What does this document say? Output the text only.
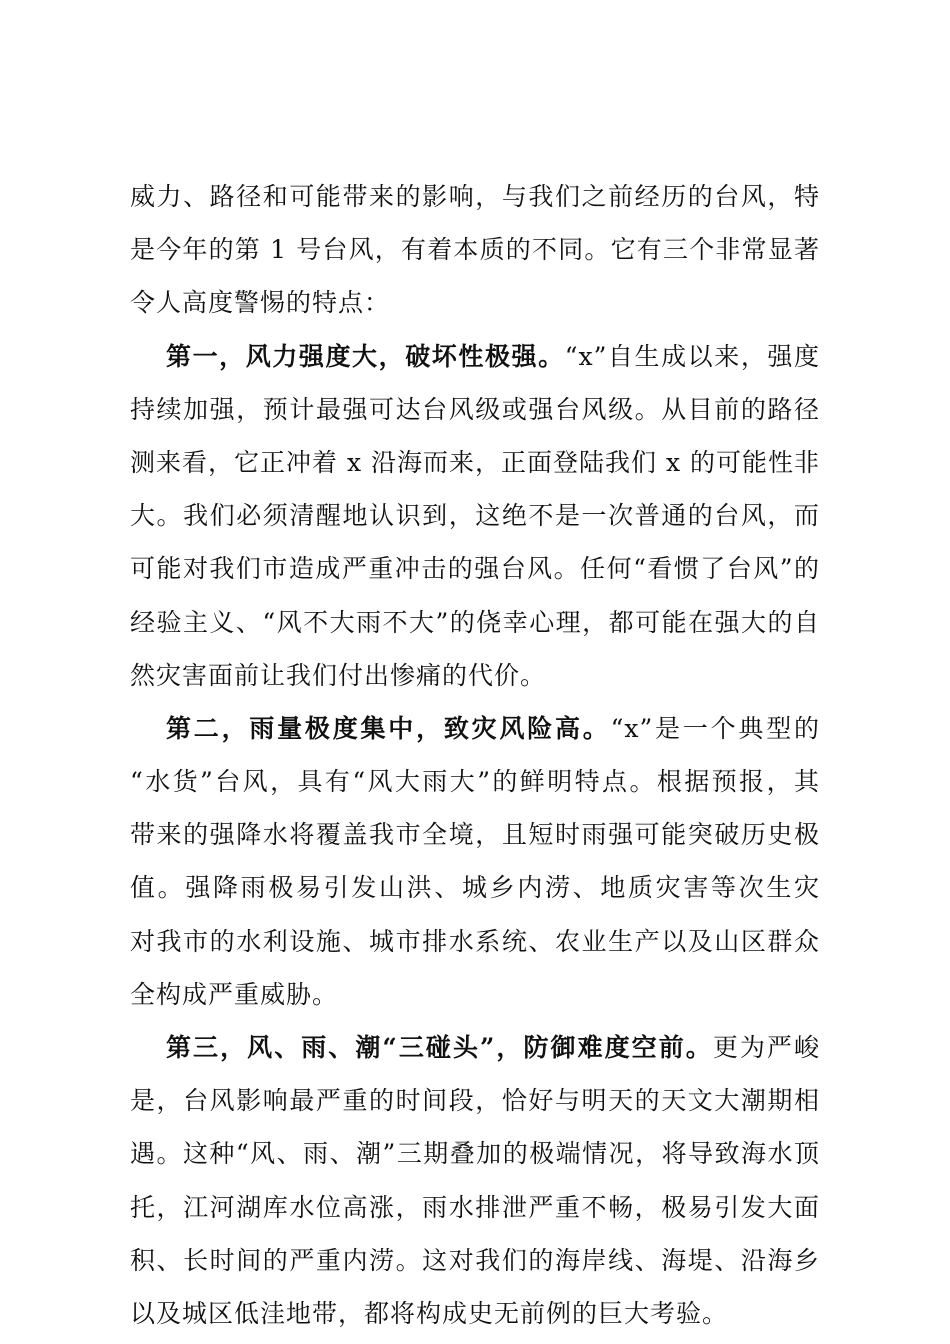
威力、路径和可能带来的影响，与我们之前经历的台风，特
是今年的第 1 号台风，有着本质的不同。它有三个非常显著
令人高度警惕的特点：
第一，风力强度大，破坏性极强。“x”自生成以来，强度
持续加强，预计最强可达台风级或强台风级。从目前的路径
测来看，它正冲着 x 沿海而来，正面登陆我们 x 的可能性非
大。我们必须清醒地认识到，这绝不是一次普通的台风，而
可能对我们市造成严重冲击的强台风。任何“看惯了台风”的
经验主义、“风不大雨不大”的侥幸心理，都可能在强大的自
然灾害面前让我们付出惨痛的代价。
第二，雨量极度集中，致灾风险高。“x”是一个典型的
“水货”台风，具有“风大雨大”的鲜明特点。根据预报，其
带来的强降水将覆盖我市全境，且短时雨强可能突破历史极
值。强降雨极易引发山洪、城乡内涝、地质灾害等次生灾
对我市的水利设施、城市排水系统、农业生产以及山区群众
全构成严重威胁。
第三，风、雨、潮“三碰头”，防御难度空前。更为严峻
是，台风影响最严重的时间段，恰好与明天的天文大潮期相
遇。这种“风、雨、潮”三期叠加的极端情况，将导致海水顶
托，江河湖库水位高涨，雨水排泄严重不畅，极易引发大面
积、长时间的严重内涝。这对我们的海岸线、海堤、沿海乡
以及城区低洼地带，都将构成史无前例的巨大考验。
